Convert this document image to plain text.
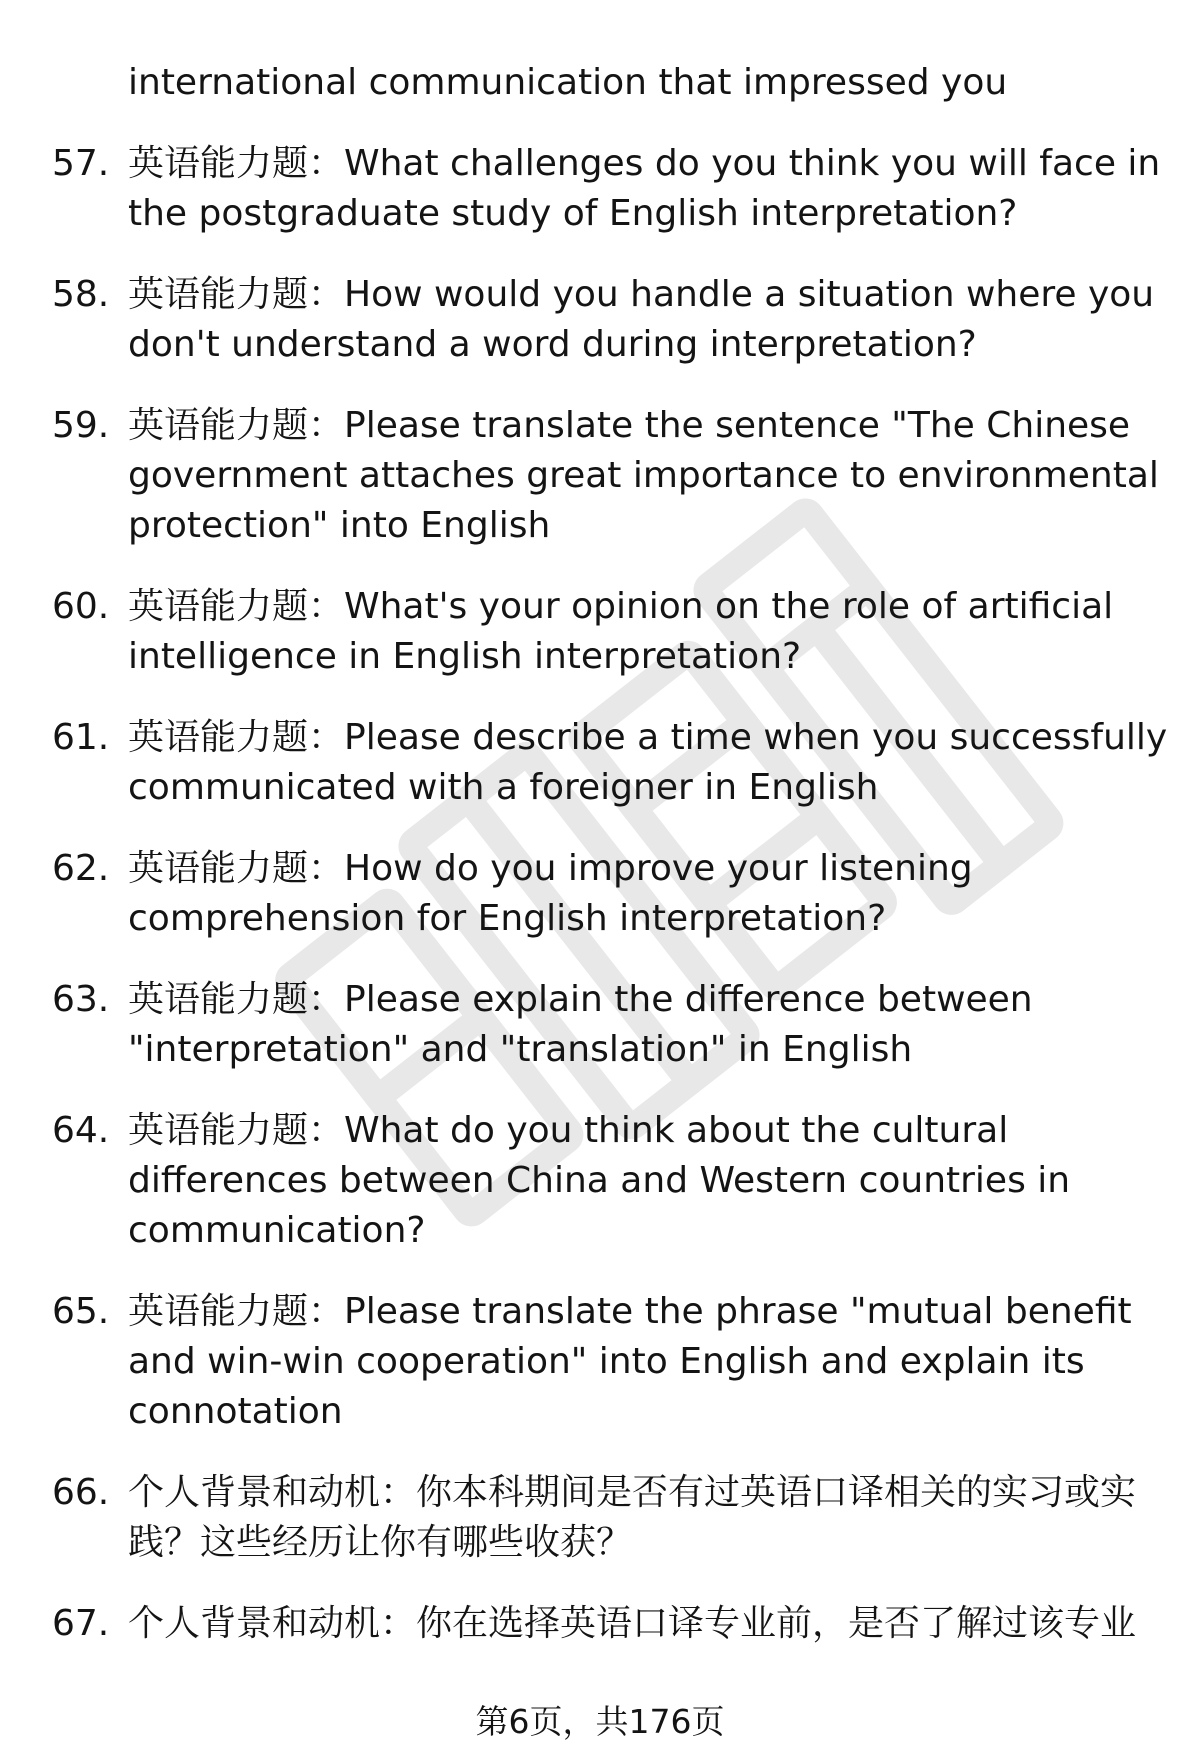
international communication that impressed you
57. 英语能力题：What challenges do you think you will face in
the postgraduate study of English interpretation?
58. 英语能力题：How would you handle a situation where you
don't understand a word during interpretation?
59. 英语能力题：Please translate the sentence "The Chinese
government attaches great importance to environmental
protection" into English
60. 英语能力题：What's your opinion on the role of artificial
intelligence in English interpretation?
61. 英语能力题：Please describe a time when you successfully
communicated with a foreigner in English
62. 英语能力题：How do you improve your listening
comprehension for English interpretation?
63. 英语能力题：Please explain the difference between
"interpretation" and "translation" in English
64. 英语能力题：What do you think about the cultural
differences between China and Western countries in
communication?
65. 英语能力题：Please translate the phrase "mutual benefit
and win-win cooperation" into English and explain its
connotation
66. 个人背景和动机：你本科期间是否有过英语口译相关的实习或实
践？这些经历让你有哪些收获？
67. 个人背景和动机：你在选择英语口译专业前，是否了解过该专业
第6页，共176页
